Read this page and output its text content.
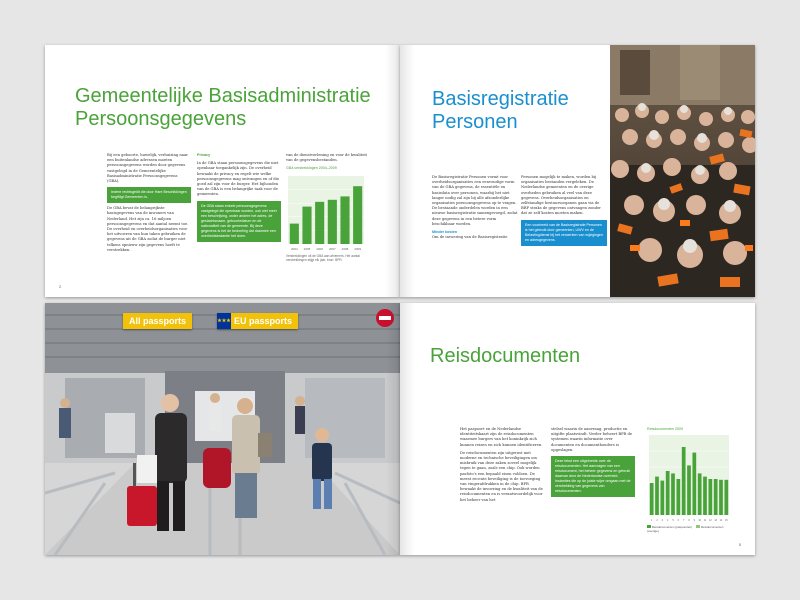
Gemeentelijke Basisadministratie
Persoonsgegevens

Bij een geboorte, huwelijk, verhuizing naar een buitenlandse adressen moeten persoonsgegevens worden door gegevens vastgelegd in de Gemeentelijke Basisadministratie Persoonsgegevens (GBA).

Iedere rechtsgeldt die door Hare Beschikkingen begiftigt Gemeenten is.

De GBA bevat de belangrijkste basisgegevens van de inwoners van Nederland. Het zijn ca. 16 miljoen persoonsgegevens en dat aantal neemt toe. De overheid en overheidsorganisaties voor het uitvoeren van hun taken gebruiken de gegevens uit de GBA zodat de burger niet telkens opnieuw zijn gegevens hoeft te verstrekken.

Privacy

In de GBA staan persoonsgegevens die niet openbaar toegankelijk zijn. De overheid bewaakt de privacy en regelt wie welke persoonsgegevens mag ontvangen en of die goed zal zijn voor de burger. Het bijhouden van de GBA is een belangrijke taak voor de gemeenten.

De GBA staan enkele persoonsgegevens vastgelegd die openbaar worden, ook niet meer een beschrijving, onder andere het adres, de geslachtsnaam, geboortedatum en de nationaliteit van de gemeente. Bij deze gegevens is het de bedoeling dat daarmee een overheidsinstantie het doen.

van de dienstverlening en voor de kwaliteit van de gegevensbestanden.

GBA verstrekkingen 2004–2009
2004 2005 2006 2007 2008 2009
Verstrekkingen uit de GBA aan afnemers. Het aantal verstrekkingen stijgt elk jaar, bron: BPR.
2
Basisregistratie
Personen

De Basisregistratie Personen vormt voor overheidsorganisaties een eenvoudige vorm van de GBA gegevens, de essentiële en basisdata over personen, waarbij het niet langer nodig zal zijn bij alle afzonderlijke organisaties persoonsgegevens op te vragen. De bestaande onderdelen worden in een nieuwe basisregistratie samengevoegd, zodat deze gegevens in een betere vorm beschikbaar worden.

Minder kosten
Om de invoering van de Basisregistratie

Personen mogelijk te maken, worden bij organisaties bestanden vergeleken. De Nederlandse gemeenten en de overige overheden gebruiken al veel van deze gegevens. Overheidsorganisaties en zelfstandige bestuursorganen gaan via de BRP straks de gegevens ontvangen zonder dat ze zelf kosten moeten maken.

Een voorbeeld van de Basisregistratie Personen is het gebruik door gemeenten, UWV en de Belastingdienst bij het verwerken van wijzigingen en adresgegevens.
All passports	★★★ EU passports
Reisdocumenten

Het paspoort en de Nederlandse identiteitskaart zijn de reisdocumenten waarmee burgers van het koninkrijk zich kunnen reizen en zich kunnen identificeren.

De reisdocumenten zijn uitgerust met moderne en technische beveiligingen om misbruik van deze zaken zoveel mogelijk tegen te gaan, zoals een chip. Ook worden pasfoto's een bepaald eisen voldoen. De meest recente beveiliging is de toevoeging van vingerafdrukken in de chip. BPR bewaakt de invoering en de kwaliteit van de reisdocumenten en is verantwoordelijk voor het beheer van het

stelsel waarin de aanvraag, productie en uitgifte plaatsvindt. Verder beheert BPR de systemen waarin informatie over documenten en documenthouders is opgeslagen.

Deze tekst een uitgebreide over de reisdocumenten. Het aanvragen van een reisdocument, het beheer gegevens en gebruik daarvan door de Nederlandse overheid. Instanties die op de juiste wijze omgaan met de verstrekking van gegevens van reisdocumenten.
Reisdocumenten 2009
1 2 3 4 5 6 7 8 9 10 11 12 13 14 15
Reisdocumenten (paspoorten)	Reisdocumenten (overige)
5
